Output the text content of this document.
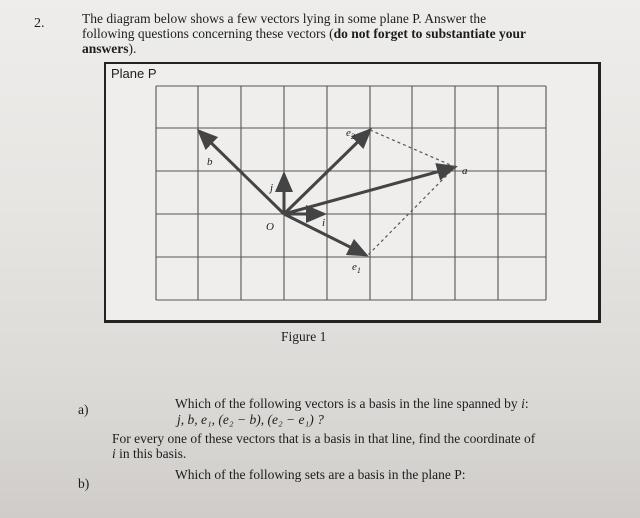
2.	The diagram below shows a few vectors lying in some plane P. Answer the
following questions concerning these vectors (do not forget to substantiate your
answers).
Plane P
b
$e_2$
a
j
O	i
$e_1$
Figure 1
a)	Which of the following vectors is a basis in the line spanned by i:
j, b, e₁, (e₂ − b), (e₂ − e₁) ?
For every one of these vectors that is a basis in that line, find the coordinate of
i in this basis.
b)
Which of the following sets are a basis in the plane P:
